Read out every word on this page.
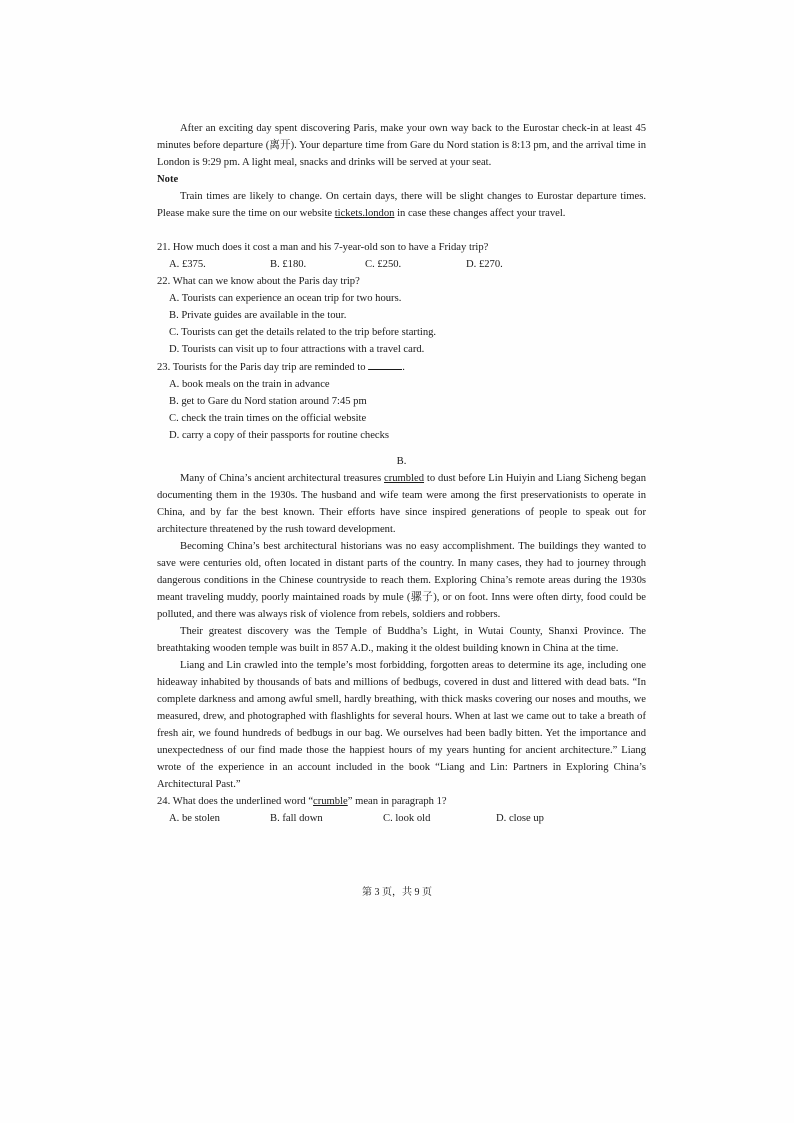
After an exciting day spent discovering Paris, make your own way back to the Eurostar check-in at least 45 minutes before departure (离开). Your departure time from Gare du Nord station is 8:13 pm, and the arrival time in London is 9:29 pm. A light meal, snacks and drinks will be served at your seat.

Note

Train times are likely to change. On certain days, there will be slight changes to Eurostar departure times. Please make sure the time on our website tickets.london in case these changes affect your travel.

21. How much does it cost a man and his 7-year-old son to have a Friday trip?

A. £375.	B. £180.	C. £250.	D. £270.

22. What can we know about the Paris day trip?

A. Tourists can experience an ocean trip for two hours.

B. Private guides are available in the tour.

C. Tourists can get the details related to the trip before starting.

D. Tourists can visit up to four attractions with a travel card.

23. Tourists for the Paris day trip are reminded to	.

A. book meals on the train in advance

B. get to Gare du Nord station around 7:45 pm

C. check the train times on the official website

D. carry a copy of their passports for routine checks

B.

Many of China’s ancient architectural treasures crumbled to dust before Lin Huiyin and Liang Sicheng began documenting them in the 1930s. The husband and wife team were among the first preservationists to operate in China, and by far the best known. Their efforts have since inspired generations of people to speak out for architecture threatened by the rush toward development.

Becoming China’s best architectural historians was no easy accomplishment. The buildings they wanted to save were centuries old, often located in distant parts of the country. In many cases, they had to journey through dangerous conditions in the Chinese countryside to reach them. Exploring China’s remote areas during the 1930s meant traveling muddy, poorly maintained roads by mule (骡子), or on foot. Inns were often dirty, food could be polluted, and there was always risk of violence from rebels, soldiers and robbers.

Their greatest discovery was the Temple of Buddha’s Light, in Wutai County, Shanxi Province. The breathtaking wooden temple was built in 857 A.D., making it the oldest building known in China at the time.

Liang and Lin crawled into the temple’s most forbidding, forgotten areas to determine its age, including one hideaway inhabited by thousands of bats and millions of bedbugs, covered in dust and littered with dead bats. “In complete darkness and among awful smell, hardly breathing, with thick masks covering our noses and mouths, we measured, drew, and photographed with flashlights for several hours. When at last we came out to take a breath of fresh air, we found hundreds of bedbugs in our bag. We ourselves had been badly bitten. Yet the importance and unexpectedness of our find made those the happiest hours of my years hunting for ancient architecture.” Liang wrote of the experience in an account included in the book “Liang and Lin: Partners in Exploring China’s Architectural Past.”

24. What does the underlined word “crumble” mean in paragraph 1?

A. be stolen	B. fall down	C. look old	D. close up
第 3 页，共 9 页
